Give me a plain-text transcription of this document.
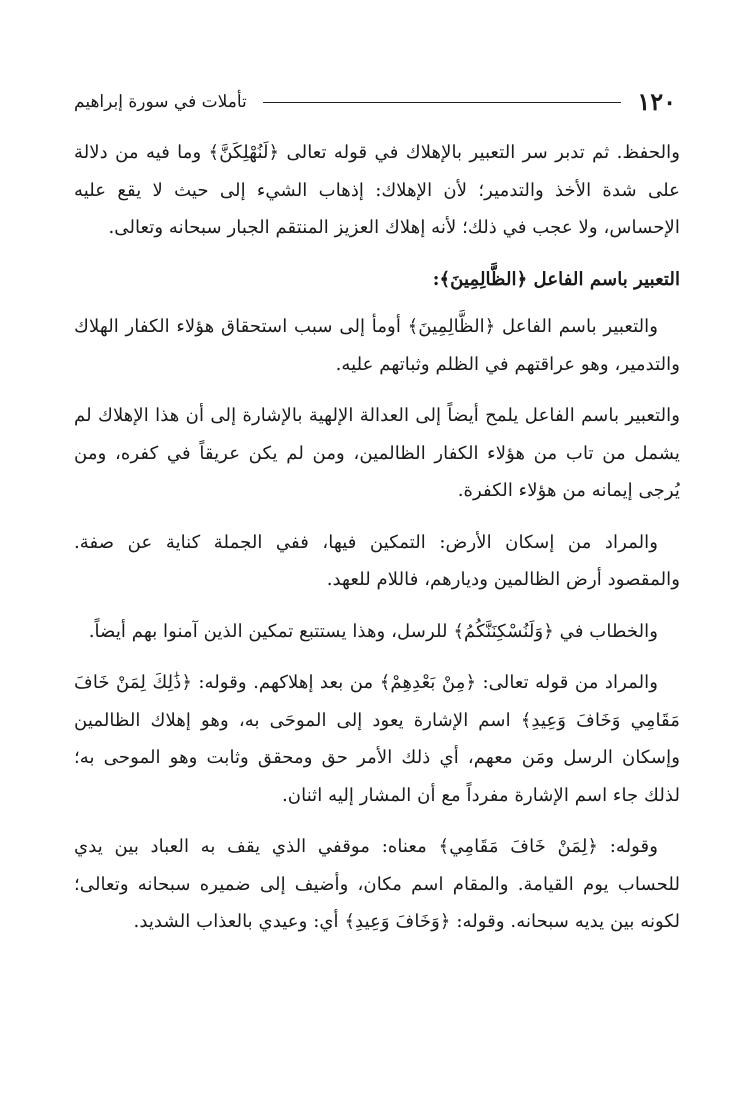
١٢٠
تأملات في سورة إبراهيم

والحفظ. ثم تدبر سر التعبير بالإهلاك في قوله تعالى ﴿لَنُهْلِكَنَّ﴾ وما فيه من دلالة على شدة الأخذ والتدمير؛ لأن الإهلاك: إذهاب الشيء إلى حيث لا يقع عليه الإحساس، ولا عجب في ذلك؛ لأنه إهلاك العزيز المنتقم الجبار سبحانه وتعالى.

التعبير باسم الفاعل ﴿الظَّالِمِينَ﴾:

والتعبير باسم الفاعل ﴿الظَّالِمِينَ﴾ أومأ إلى سبب استحقاق هؤلاء الكفار الهلاك والتدمير، وهو عراقتهم في الظلم وثباتهم عليه.

والتعبير باسم الفاعل يلمح أيضاً إلى العدالة الإلهية بالإشارة إلى أن هذا الإهلاك لم يشمل من تاب من هؤلاء الكفار الظالمين، ومن لم يكن عريقاً في كفره، ومن يُرجى إيمانه من هؤلاء الكفرة.

والمراد من إسكان الأرض: التمكين فيها، ففي الجملة كناية عن صفة. والمقصود أرض الظالمين وديارهم، فاللام للعهد.

والخطاب في ﴿وَلَنُسْكِنَنَّكُمُ﴾ للرسل، وهذا يستتبع تمكين الذين آمنوا بهم أيضاً.

والمراد من قوله تعالى: ﴿مِنْ بَعْدِهِمْ﴾ من بعد إهلاكهم. وقوله: ﴿ذَٰلِكَ لِمَنْ خَافَ مَقَامِي وَخَافَ وَعِيدِ﴾ اسم الإشارة يعود إلى الموحَى به، وهو إهلاك الظالمين وإسكان الرسل ومَن معهم، أي ذلك الأمر حق ومحقق وثابت وهو الموحى به؛ لذلك جاء اسم الإشارة مفرداً مع أن المشار إليه اثنان.

وقوله: ﴿لِمَنْ خَافَ مَقَامِي﴾ معناه: موقفي الذي يقف به العباد بين يدي للحساب يوم القيامة. والمقام اسم مكان، وأضيف إلى ضميره سبحانه وتعالى؛ لكونه بين يديه سبحانه. وقوله: ﴿وَخَافَ وَعِيدِ﴾ أي: وعيدي بالعذاب الشديد.
